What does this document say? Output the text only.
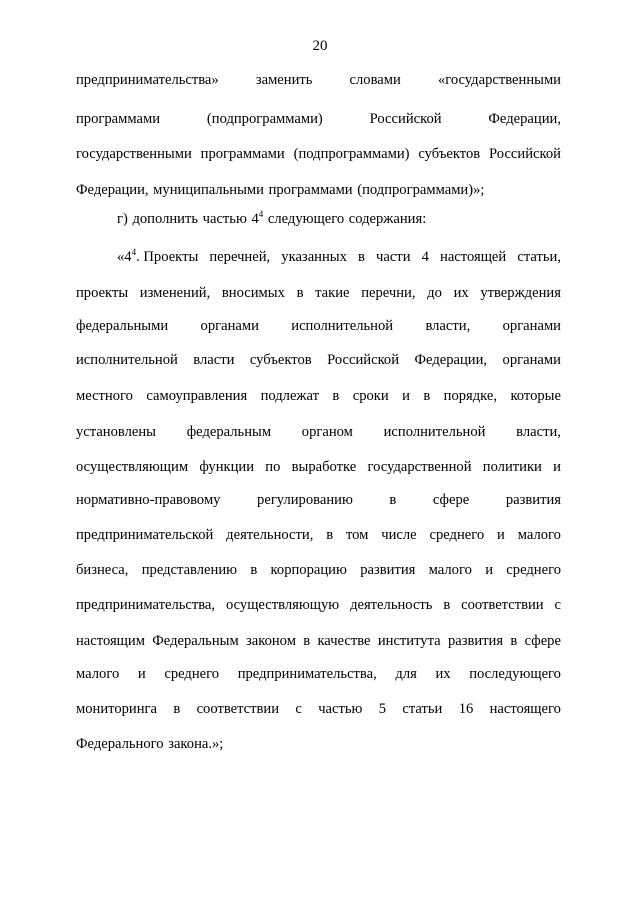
20
предпринимательства»	заменить	словами	«государственными
программами	(подпрограммами)	Российской	Федерации,
государственными программами (подпрограммами) субъектов Российской
Федерации, муниципальными программами (подпрограммами)»;
г) дополнить частью $4^4$ следующего содержания:
«$4^4$. Проекты перечней, указанных в части 4 настоящей статьи,
проекты изменений, вносимых в такие перечни, до их утверждения
федеральными органами исполнительной власти, органами
исполнительной власти субъектов Российской Федерации, органами
местного самоуправления подлежат в сроки и в порядке, которые
установлены федеральным органом исполнительной власти,
осуществляющим функции по выработке государственной политики и
нормативно-правовому	регулированию	в	сфере	развития
предпринимательской деятельности, в том числе среднего и малого
бизнеса, представлению в корпорацию развития малого и среднего
предпринимательства, осуществляющую деятельность в соответствии с
настоящим Федеральным законом в качестве института развития в сфере
малого и среднего предпринимательства, для их последующего
мониторинга в соответствии с частью 5 статьи 16 настоящего
Федерального закона.»;
